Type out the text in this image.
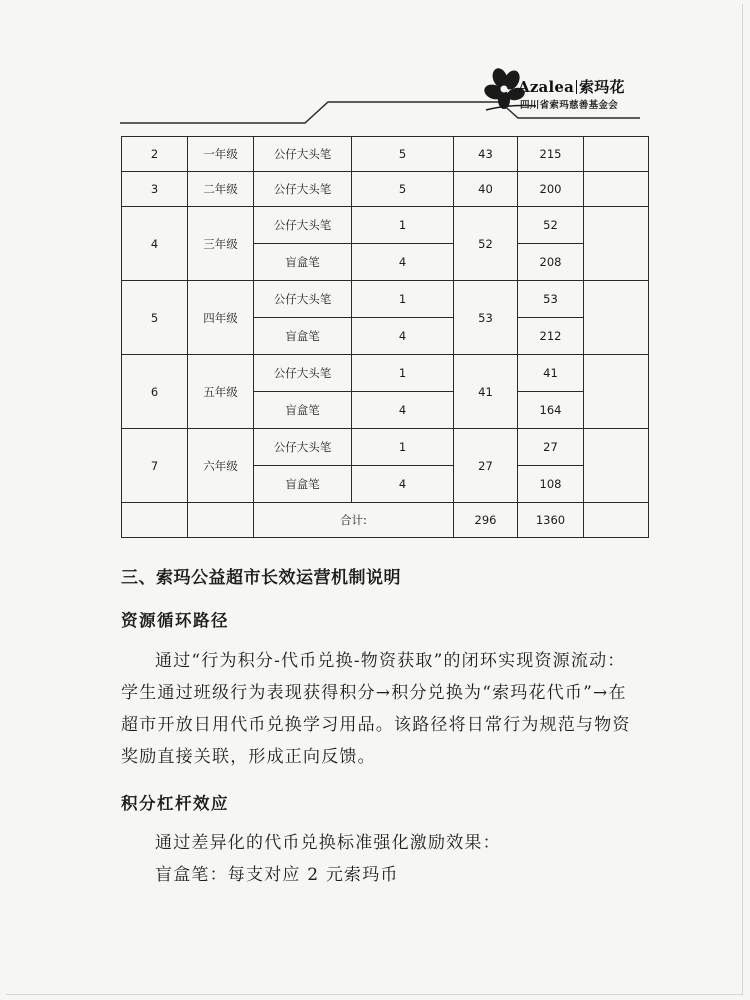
Azalea 索玛花
四川省索玛慈善基金会
2	一年级	公仔大头笔	5	43	215	
3	二年级	公仔大头笔	5	40	200	
4	三年级	公仔大头笔	1	52	52	
		盲盒笔	4		208	
5	四年级	公仔大头笔	1	53	53	
		盲盒笔	4		212	
6	五年级	公仔大头笔	1	41	41	
		盲盒笔	4		164	
7	六年级	公仔大头笔	1	27	27	
		盲盒笔	4		108	
		合计:		296	1360	
三、索玛公益超市长效运营机制说明
资源循环路径

通过“行为积分-代币兑换-物资获取”的闭环实现资源流动：学生通过班级行为表现获得积分→积分兑换为“索玛花代币”→在超市开放日用代币兑换学习用品。该路径将日常行为规范与物资奖励直接关联，形成正向反馈。

积分杠杆效应
通过差异化的代币兑换标准强化激励效果：
盲盒笔：每支对应 2 元索玛币
